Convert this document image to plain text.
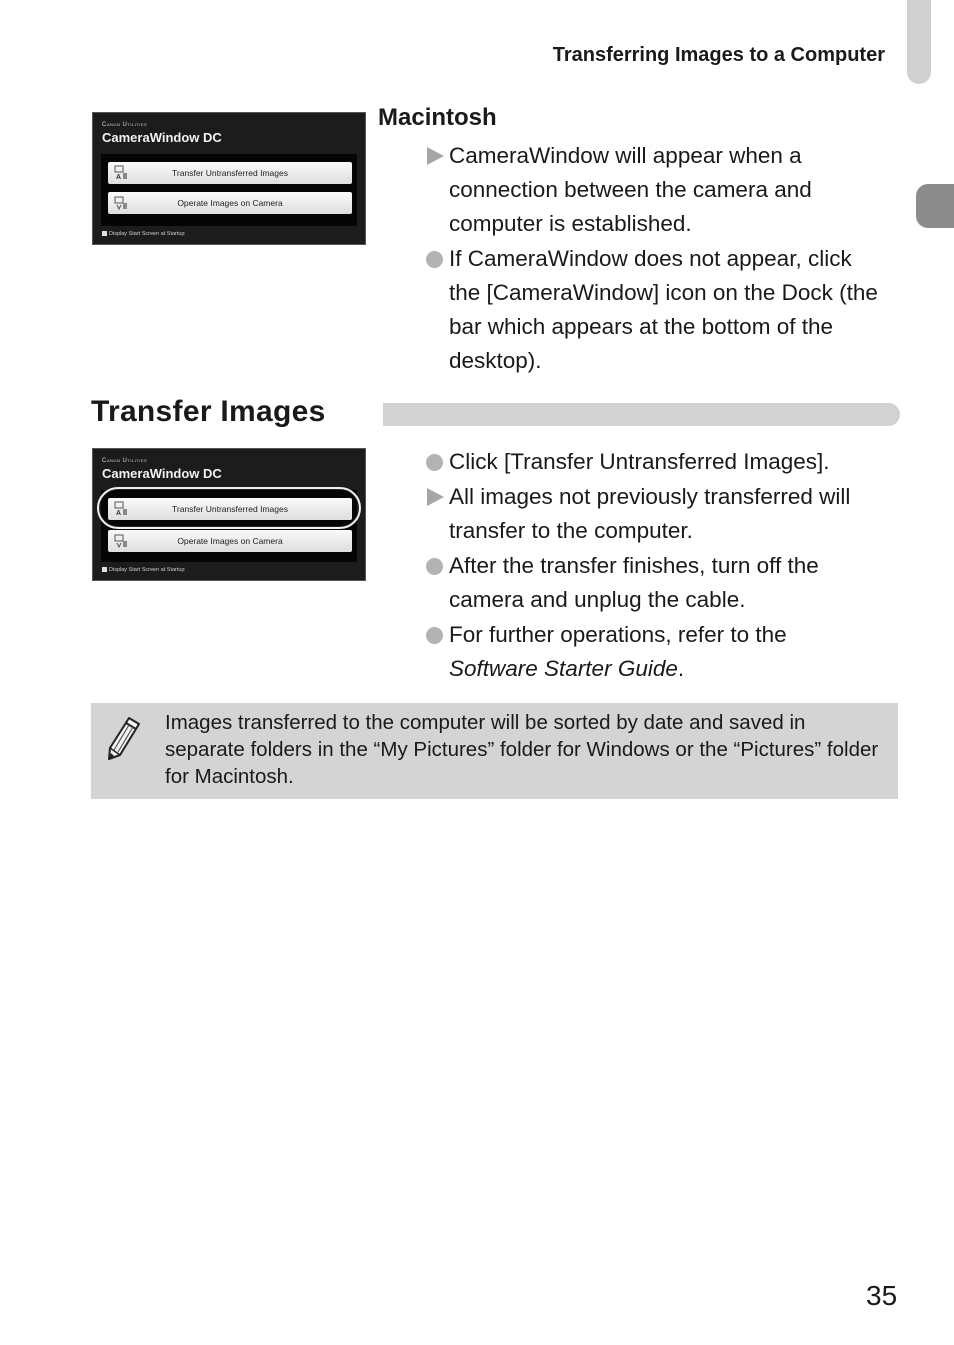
Transferring Images to a Computer
Canon Utilities
CameraWindow DC
A	Transfer Untransferred Images
Operate Images on Camera
Display Start Screen at Startup
Macintosh
CameraWindow will appear when a connection between the camera and computer is established.
If CameraWindow does not appear, click the [CameraWindow] icon on the Dock (the bar which appears at the bottom of the desktop).
Transfer Images
Canon Utilities
CameraWindow DC
A	Transfer Untransferred Images
Operate Images on Camera
Display Start Screen at Startup
Click [Transfer Untransferred Images].
All images not previously transferred will transfer to the computer.
After the transfer finishes, turn off the camera and unplug the cable.
For further operations, refer to the
Software Starter Guide.
Images transferred to the computer will be sorted by date and saved in separate folders in the “My Pictures” folder for Windows or the “Pictures” folder for Macintosh.
35
